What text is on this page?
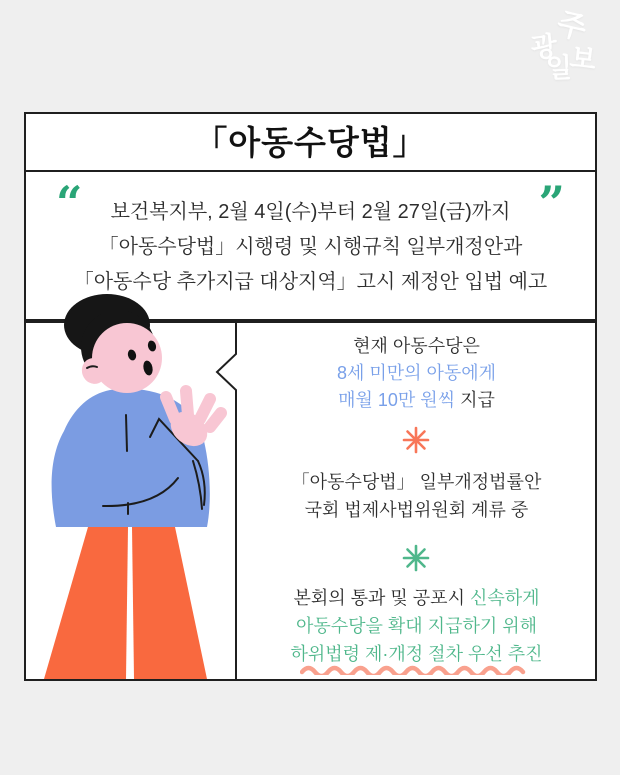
광
주
일
보
「아동수당법」
“	”
보건복지부, 2월 4일(수)부터 2월 27일(금)까지
「아동수당법」시행령 및 시행규칙 일부개정안과
「아동수당 추가지급 대상지역」고시 제정안 입법 예고
현재 아동수당은
8세 미만의 아동에게
매월 10만 원씩 지급
「아동수당법」 일부개정법률안
국회 법제사법위원회 계류 중
본회의 통과 및 공포시 신속하게
아동수당을 확대 지급하기 위해
하위법령 제·개정 절차 우선 추진
